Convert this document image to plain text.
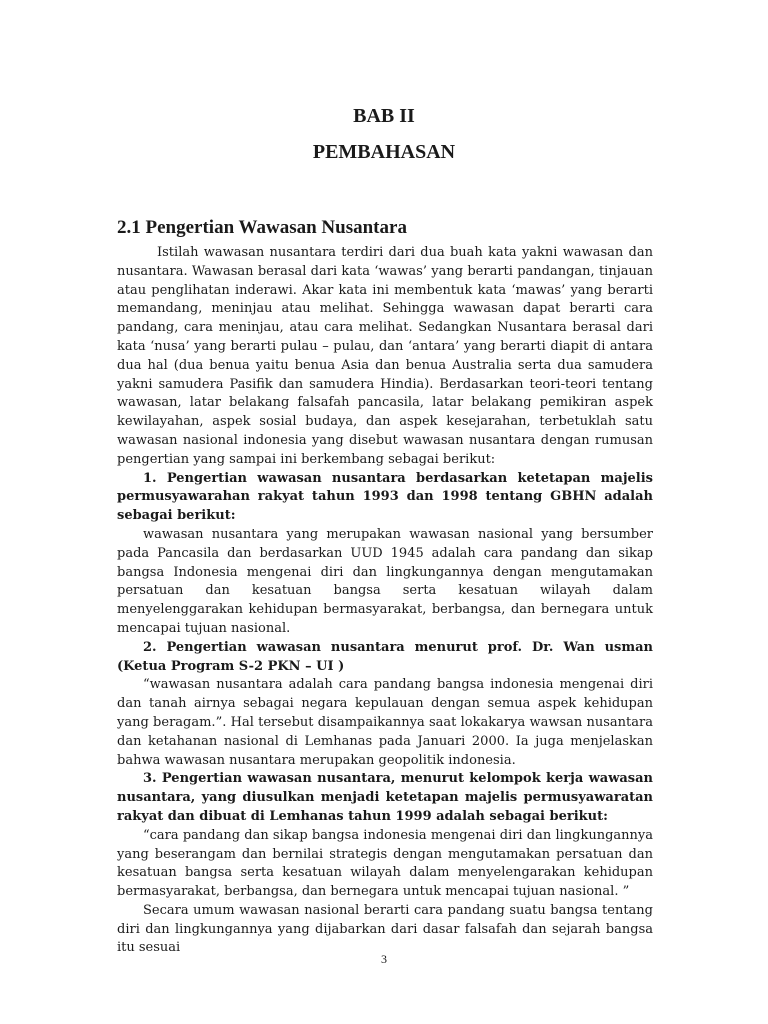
BAB II
PEMBAHASAN
2.1 Pengertian Wawasan Nusantara

Istilah wawasan nusantara terdiri dari dua buah kata yakni wawasan dan nusantara. Wawasan berasal dari kata ‘wawas’ yang berarti pandangan, tinjauan atau penglihatan inderawi. Akar kata ini membentuk kata ‘mawas’ yang berarti memandang, meninjau atau melihat. Sehingga wawasan dapat berarti cara pandang, cara meninjau, atau cara melihat. Sedangkan Nusantara berasal dari kata ‘nusa’ yang berarti pulau – pulau, dan ‘antara’ yang berarti diapit di antara dua hal (dua benua yaitu benua Asia dan benua Australia serta dua samudera yakni samudera Pasifik dan samudera Hindia). Berdasarkan teori-teori tentang wawasan, latar belakang falsafah pancasila, latar belakang pemikiran aspek kewilayahan, aspek sosial budaya, dan aspek kesejarahan, terbetuklah satu wawasan nasional indonesia yang disebut wawasan nusantara dengan rumusan pengertian yang sampai ini berkembang sebagai berikut:

1. Pengertian wawasan nusantara berdasarkan ketetapan majelis permusyawarahan rakyat tahun 1993 dan 1998 tentang GBHN adalah sebagai berikut:

wawasan nusantara yang merupakan wawasan nasional yang bersumber pada Pancasila dan berdasarkan UUD 1945 adalah cara pandang dan sikap bangsa Indonesia mengenai diri dan lingkungannya dengan mengutamakan persatuan dan kesatuan bangsa serta kesatuan wilayah dalam menyelenggarakan kehidupan bermasyarakat, berbangsa, dan bernegara untuk mencapai tujuan nasional.

2. Pengertian wawasan nusantara menurut prof. Dr. Wan usman (Ketua Program S-2 PKN – UI )

“wawasan nusantara adalah cara pandang bangsa indonesia mengenai diri dan tanah airnya sebagai negara kepulauan dengan semua aspek kehidupan yang beragam.”. Hal tersebut disampaikannya saat lokakarya wawsan nusantara dan ketahanan nasional di Lemhanas pada Januari 2000. Ia juga menjelaskan bahwa wawasan nusantara merupakan geopolitik indonesia.

3. Pengertian wawasan nusantara, menurut kelompok kerja wawasan nusantara, yang diusulkan menjadi ketetapan majelis permusyawaratan rakyat dan dibuat di Lemhanas tahun 1999 adalah sebagai berikut:

“cara pandang dan sikap bangsa indonesia mengenai diri dan lingkungannya yang beserangam dan bernilai strategis dengan mengutamakan persatuan dan kesatuan bangsa serta kesatuan wilayah dalam menyelengarakan kehidupan bermasyarakat, berbangsa, dan bernegara untuk mencapai tujuan nasional. ”

Secara umum wawasan nasional berarti cara pandang suatu bangsa tentang diri dan lingkungannya yang dijabarkan dari dasar falsafah dan sejarah bangsa itu sesuai

3
